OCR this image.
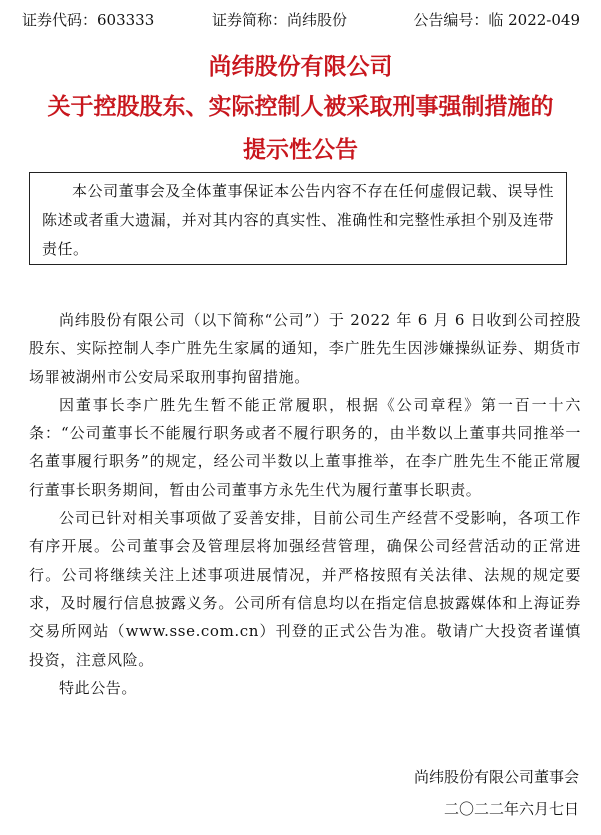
证券代码：603333	证券简称：尚纬股份	公告编号：临 2022-049
尚纬股份有限公司
关于控股股东、实际控制人被采取刑事强制措施的
提示性公告
本公司董事会及全体董事保证本公告内容不存在任何虚假记载、误导性陈述或者重大遗漏，并对其内容的真实性、准确性和完整性承担个别及连带责任。

尚纬股份有限公司（以下简称“公司”）于 2022 年 6 月 6 日收到公司控股股东、实际控制人李广胜先生家属的通知，李广胜先生因涉嫌操纵证券、期货市场罪被湖州市公安局采取刑事拘留措施。

因董事长李广胜先生暂不能正常履职，根据《公司章程》第一百一十六条：“公司董事长不能履行职务或者不履行职务的，由半数以上董事共同推举一名董事履行职务”的规定，经公司半数以上董事推举，在李广胜先生不能正常履行董事长职务期间，暂由公司董事方永先生代为履行董事长职责。

公司已针对相关事项做了妥善安排，目前公司生产经营不受影响，各项工作有序开展。公司董事会及管理层将加强经营管理，确保公司经营活动的正常进行。公司将继续关注上述事项进展情况，并严格按照有关法律、法规的规定要求，及时履行信息披露义务。公司所有信息均以在指定信息披露媒体和上海证券交易所网站（www.sse.com.cn）刊登的正式公告为准。敬请广大投资者谨慎投资，注意风险。

特此公告。

尚纬股份有限公司董事会
二〇二二年六月七日
